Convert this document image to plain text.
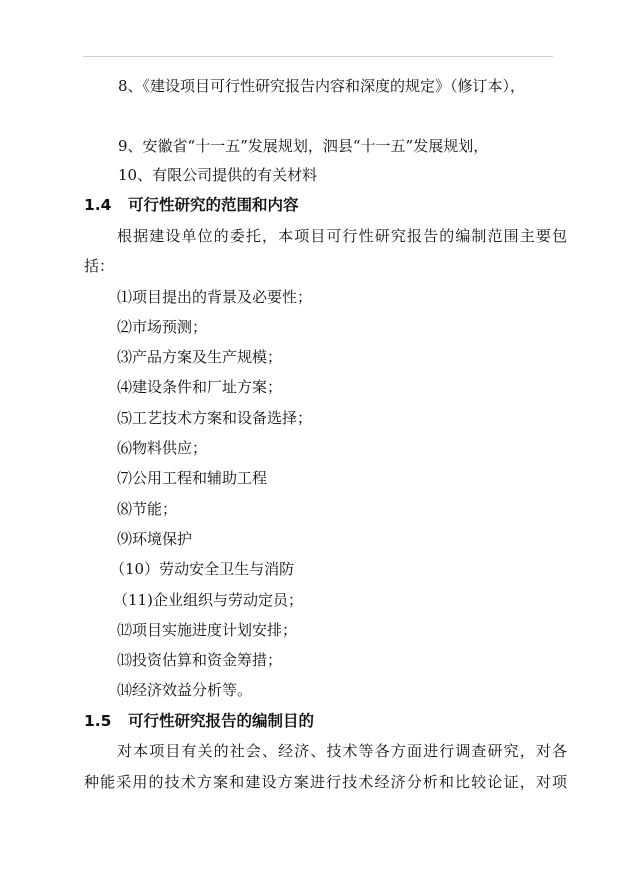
8、《建设项目可行性研究报告内容和深度的规定》（修订本），
9、安徽省“十一五”发展规划，泗县“十一五”发展规划，
10、有限公司提供的有关材料
1.4 可行性研究的范围和内容
根据建设单位的委托，本项目可行性研究报告的编制范围主要包
括：
⑴项目提出的背景及必要性；
⑵市场预测；
⑶产品方案及生产规模；
⑷建设条件和厂址方案；
⑸工艺技术方案和设备选择；
⑹物料供应；
⑺公用工程和辅助工程
⑻节能；
⑼环境保护
（10）劳动安全卫生与消防
（11)企业组织与劳动定员；
⑿项目实施进度计划安排；
⒀投资估算和资金筹措；
⒁经济效益分析等。
1.5 可行性研究报告的编制目的
对本项目有关的社会、经济、技术等各方面进行调查研究，对各
种能采用的技术方案和建设方案进行技术经济分析和比较论证，对项
